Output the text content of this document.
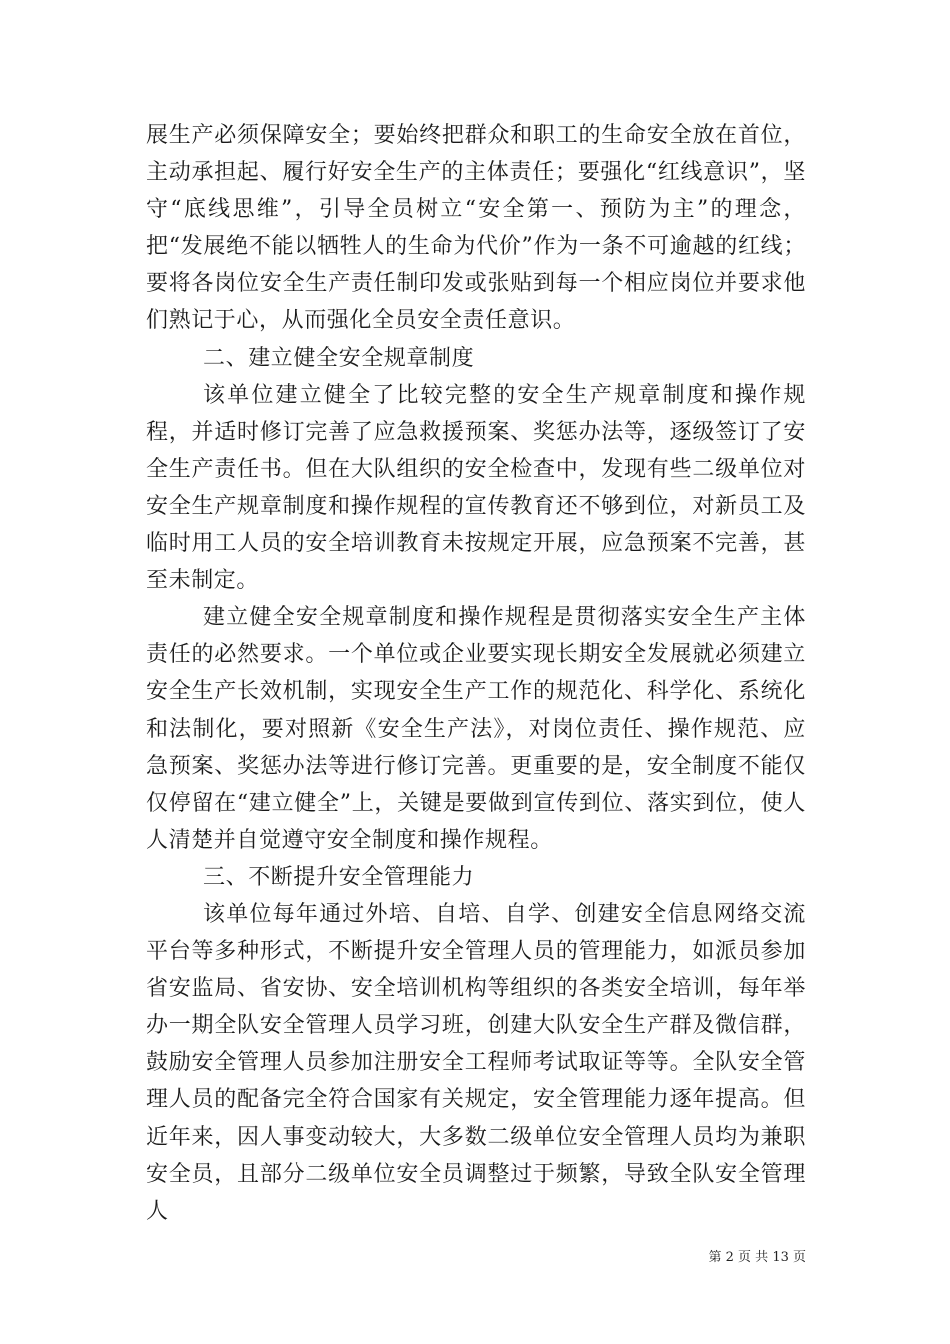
展生产必须保障安全；要始终把群众和职工的生命安全放在首位，主动承担起、履行好安全生产的主体责任；要强化“红线意识”，坚守“底线思维”，引导全员树立“安全第一、预防为主”的理念，把“发展绝不能以牺牲人的生命为代价”作为一条不可逾越的红线；要将各岗位安全生产责任制印发或张贴到每一个相应岗位并要求他们熟记于心，从而强化全员安全责任意识。

二、建立健全安全规章制度

该单位建立健全了比较完整的安全生产规章制度和操作规程，并适时修订完善了应急救援预案、奖惩办法等，逐级签订了安全生产责任书。但在大队组织的安全检查中，发现有些二级单位对安全生产规章制度和操作规程的宣传教育还不够到位，对新员工及临时用工人员的安全培训教育未按规定开展，应急预案不完善，甚至未制定。

建立健全安全规章制度和操作规程是贯彻落实安全生产主体责任的必然要求。一个单位或企业要实现长期安全发展就必须建立安全生产长效机制，实现安全生产工作的规范化、科学化、系统化和法制化，要对照新《安全生产法》，对岗位责任、操作规范、应急预案、奖惩办法等进行修订完善。更重要的是，安全制度不能仅仅停留在“建立健全”上，关键是要做到宣传到位、落实到位，使人人清楚并自觉遵守安全制度和操作规程。

三、不断提升安全管理能力

该单位每年通过外培、自培、自学、创建安全信息网络交流平台等多种形式，不断提升安全管理人员的管理能力，如派员参加省安监局、省安协、安全培训机构等组织的各类安全培训，每年举办一期全队安全管理人员学习班，创建大队安全生产群及微信群，鼓励安全管理人员参加注册安全工程师考试取证等等。全队安全管理人员的配备完全符合国家有关规定，安全管理能力逐年提高。但近年来，因人事变动较大，大多数二级单位安全管理人员均为兼职安全员，且部分二级单位安全员调整过于频繁，导致全队安全管理人

第 2 页 共 13 页
